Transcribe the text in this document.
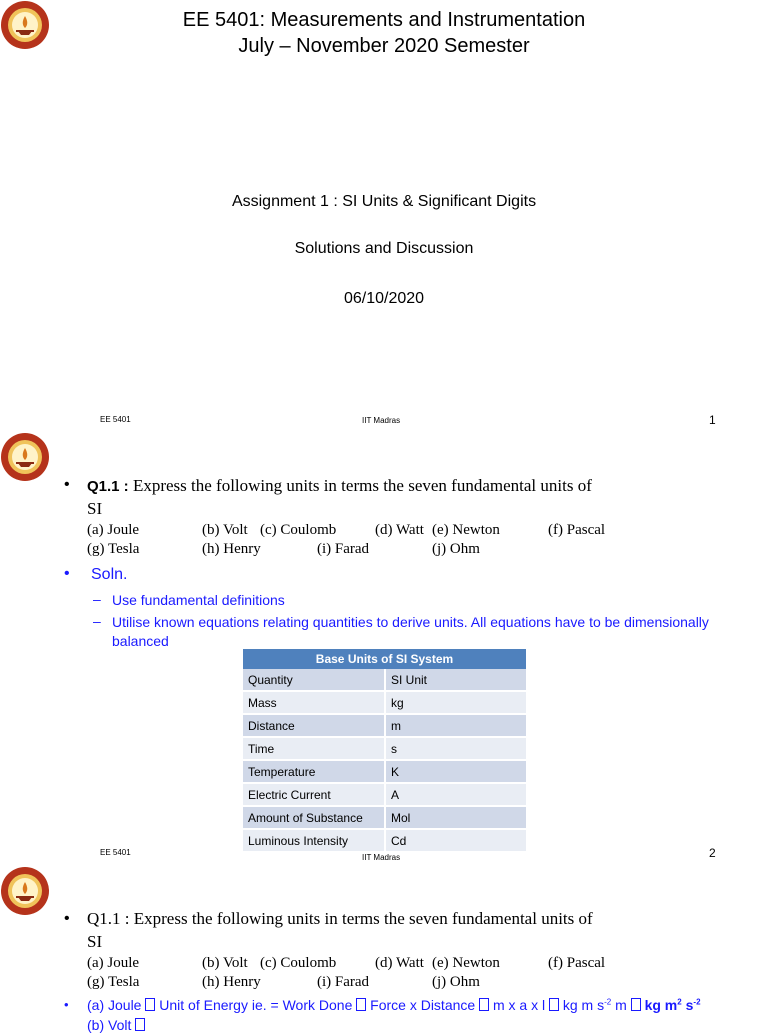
EE 5401: Measurements and Instrumentation
July – November 2020 Semester
Assignment 1 : SI Units & Significant Digits
Solutions and Discussion
06/10/2020
EE 5401	IIT Madras	1
• Q1.1 : Express the following units in terms the seven fundamental units of
SI
(a) Joule	(b) Volt (c) Coulomb	(d) Watt (e) Newton	(f) Pascal
(g) Tesla	(h) Henry	(i) Farad	(j) Ohm
• Soln.
– Use fundamental definitions
– Utilise known equations relating quantities to derive units. All equations have to be dimensionally balanced
Base Units of SI System	
Quantity	SI Unit
Mass	kg
Distance	m
Time	s
Temperature	K
Electric Current	A
Amount of Substance	Mol
Luminous Intensity	Cd
EE 5401
IIT Madras	2
• Q1.1 : Express the following units in terms the seven fundamental units of
SI
(a) Joule	(b) Volt (c) Coulomb	(d) Watt (e) Newton	(f) Pascal
(g) Tesla	(h) Henry	(i) Farad	(j) Ohm
• (a) Joule  Unit of Energy ie. = Work Done  Force x Distance  m x a x l  kg m $s^{-2}$ m  kg $m^2$ $s^{-2}$
(b) Volt
